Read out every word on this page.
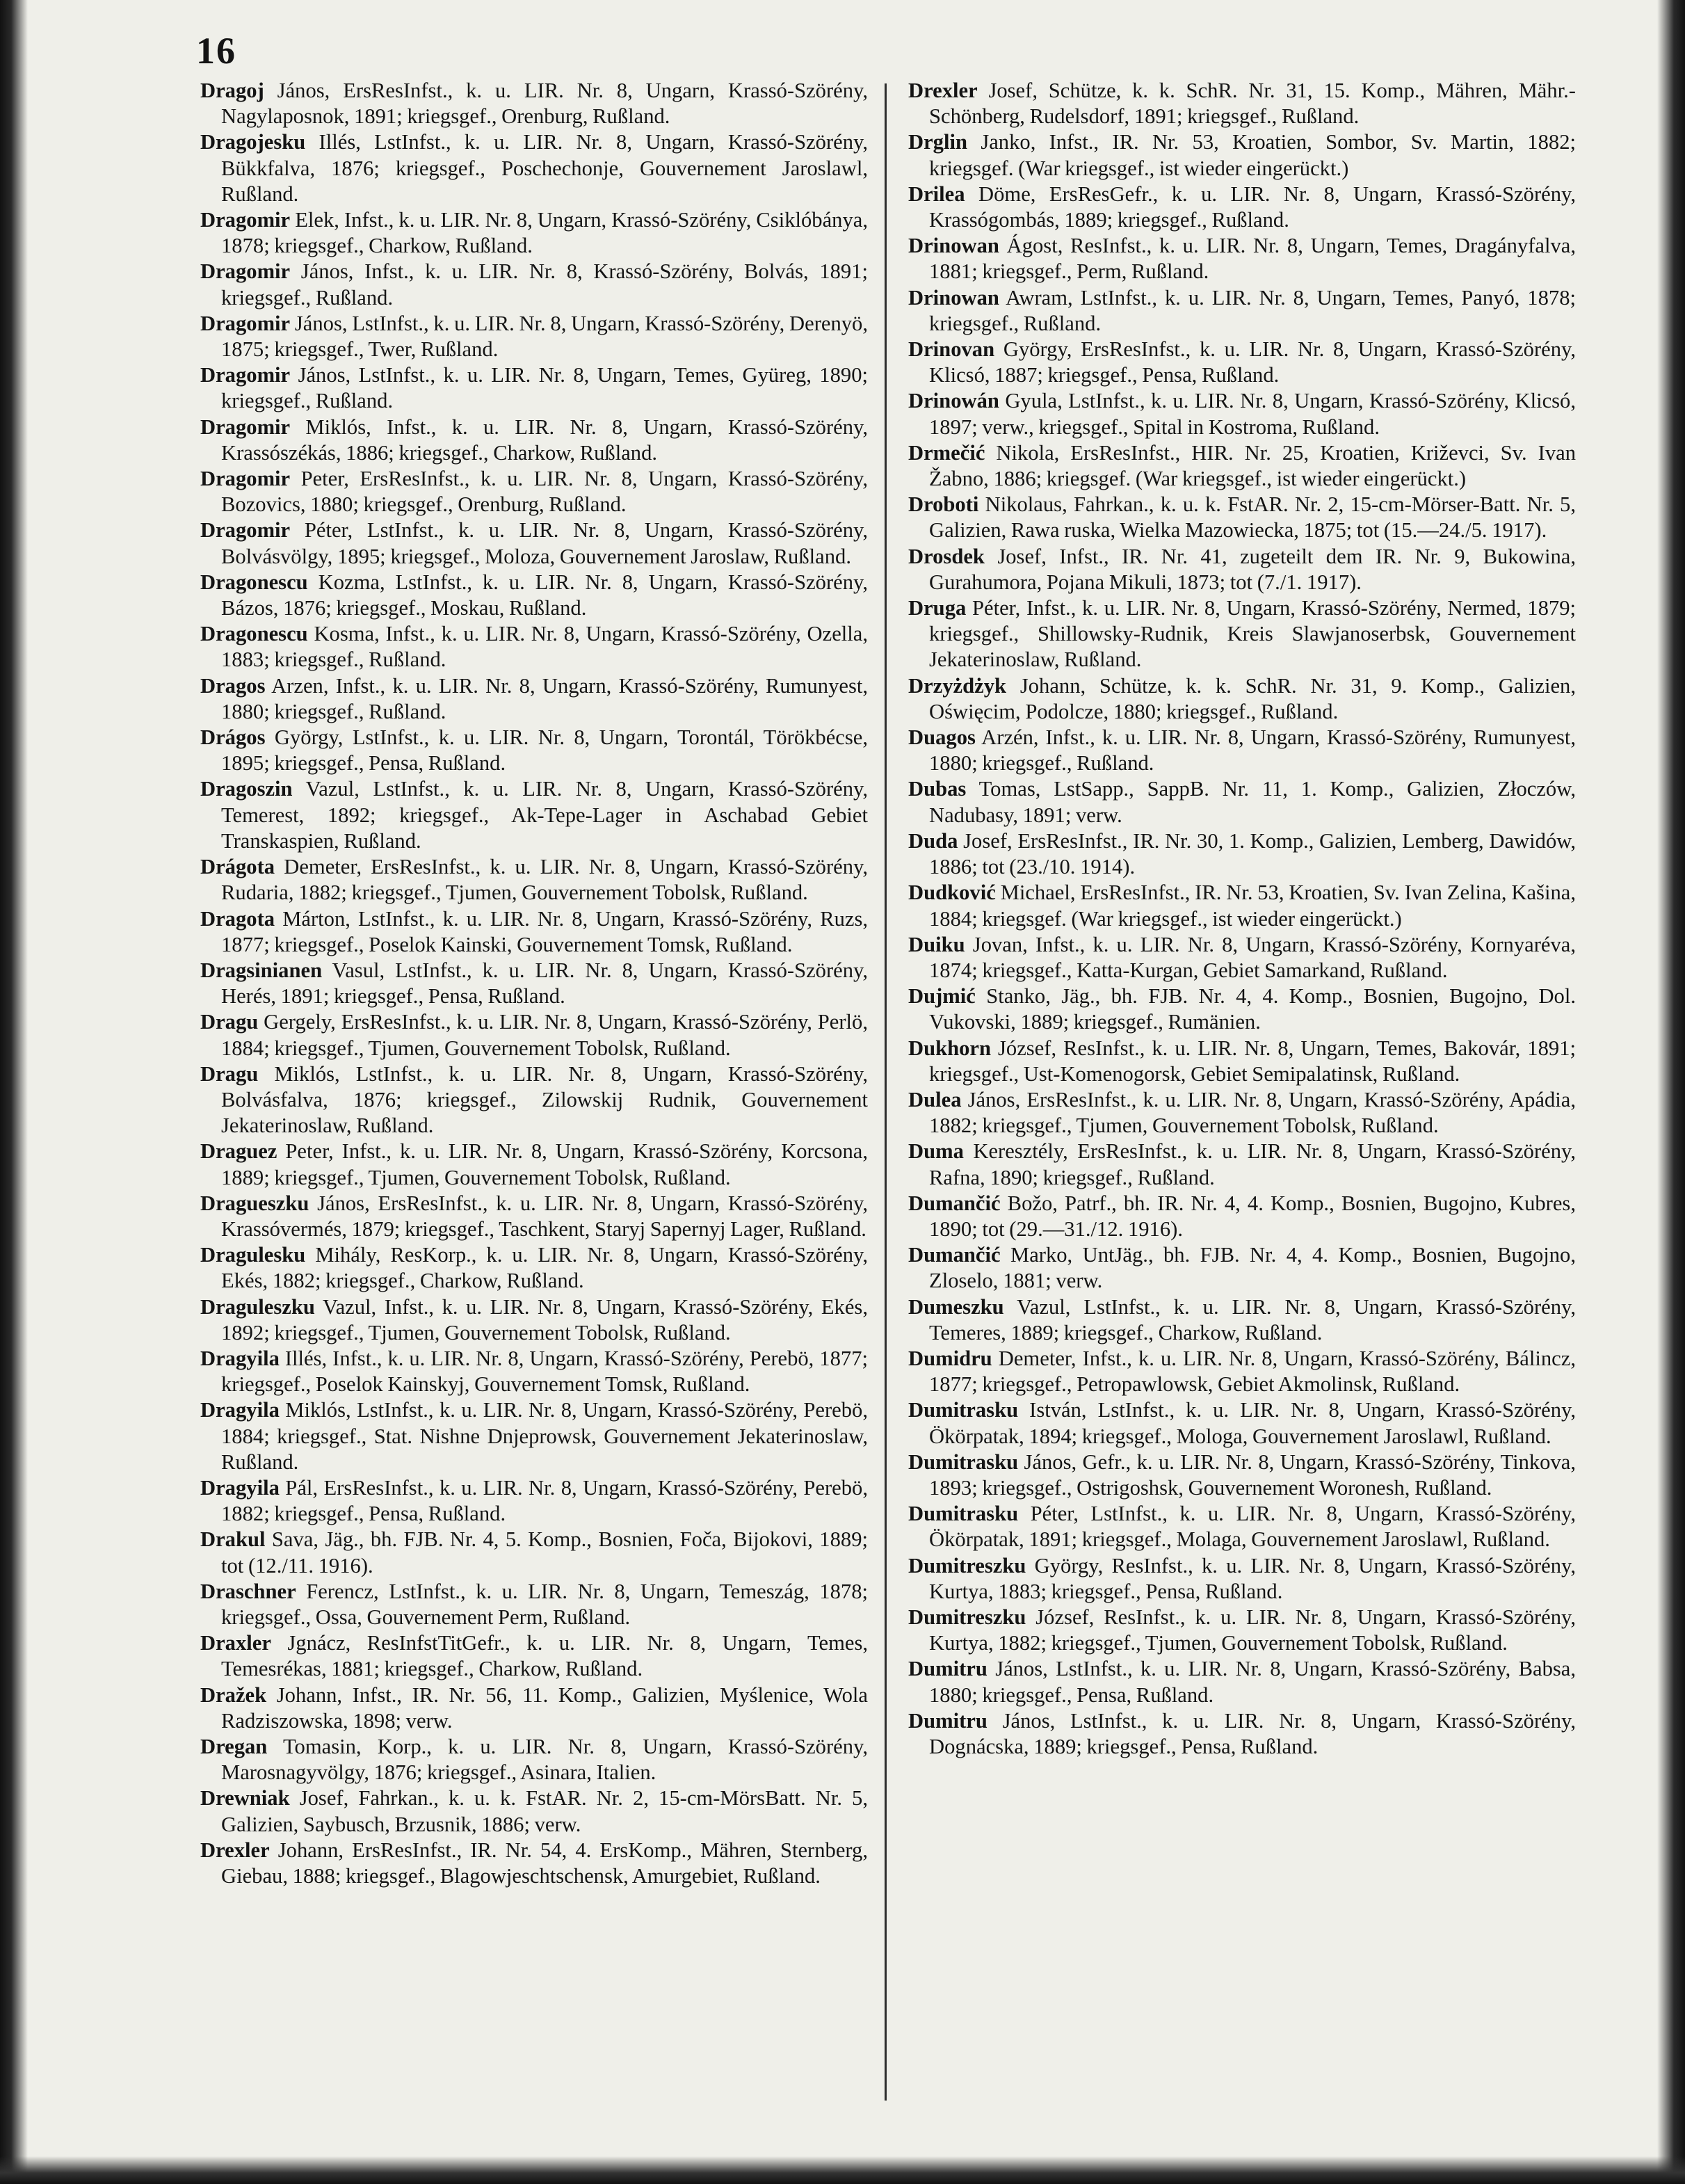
16

Dragoj János, ErsResInfst., k. u. LIR. Nr. 8, Ungarn, Krassó-Szörény, Nagylaposnok, 1891; kriegsgef., Orenburg, Rußland.

Dragojesku Illés, LstInfst., k. u. LIR. Nr. 8, Ungarn, Krassó-Szörény, Bükkfalva, 1876; kriegsgef., Poschechonje, Gouvernement Jaroslawl, Rußland.

Dragomir Elek, Infst., k. u. LIR. Nr. 8, Ungarn, Krassó-Szörény, Csiklóbánya, 1878; kriegsgef., Charkow, Rußland.

Dragomir János, Infst., k. u. LIR. Nr. 8, Krassó-Szörény, Bolvás, 1891; kriegsgef., Rußland.

Dragomir János, LstInfst., k. u. LIR. Nr. 8, Ungarn, Krassó-Szörény, Derenyö, 1875; kriegsgef., Twer, Rußland.

Dragomir János, LstInfst., k. u. LIR. Nr. 8, Ungarn, Temes, Gyüreg, 1890; kriegsgef., Rußland.

Dragomir Miklós, Infst., k. u. LIR. Nr. 8, Ungarn, Krassó-Szörény, Krassószékás, 1886; kriegsgef., Charkow, Rußland.

Dragomir Peter, ErsResInfst., k. u. LIR. Nr. 8, Ungarn, Krassó-Szörény, Bozovics, 1880; kriegsgef., Orenburg, Rußland.

Dragomir Péter, LstInfst., k. u. LIR. Nr. 8, Ungarn, Krassó-Szörény, Bolvásvölgy, 1895; kriegsgef., Moloza, Gouvernement Jaroslaw, Rußland.

Dragonescu Kozma, LstInfst., k. u. LIR. Nr. 8, Ungarn, Krassó-Szörény, Bázos, 1876; kriegsgef., Moskau, Rußland.

Dragonescu Kosma, Infst., k. u. LIR. Nr. 8, Ungarn, Krassó-Szörény, Ozella, 1883; kriegsgef., Rußland.

Dragos Arzen, Infst., k. u. LIR. Nr. 8, Ungarn, Krassó-Szörény, Rumunyest, 1880; kriegsgef., Rußland.

Drágos György, LstInfst., k. u. LIR. Nr. 8, Ungarn, Torontál, Törökbécse, 1895; kriegsgef., Pensa, Rußland.

Dragoszin Vazul, LstInfst., k. u. LIR. Nr. 8, Ungarn, Krassó-Szörény, Temerest, 1892; kriegsgef., Ak-Tepe-Lager in Aschabad Gebiet Transkaspien, Rußland.

Drágota Demeter, ErsResInfst., k. u. LIR. Nr. 8, Ungarn, Krassó-Szörény, Rudaria, 1882; kriegsgef., Tjumen, Gouvernement Tobolsk, Rußland.

Dragota Márton, LstInfst., k. u. LIR. Nr. 8, Ungarn, Krassó-Szörény, Ruzs, 1877; kriegsgef., Poselok Kainski, Gouvernement Tomsk, Rußland.

Dragsinianen Vasul, LstInfst., k. u. LIR. Nr. 8, Ungarn, Krassó-Szörény, Herés, 1891; kriegsgef., Pensa, Rußland.

Dragu Gergely, ErsResInfst., k. u. LIR. Nr. 8, Ungarn, Krassó-Szörény, Perlö, 1884; kriegsgef., Tjumen, Gouvernement Tobolsk, Rußland.

Dragu Miklós, LstInfst., k. u. LIR. Nr. 8, Ungarn, Krassó-Szörény, Bolvásfalva, 1876; kriegsgef., Zilowskij Rudnik, Gouvernement Jekaterinoslaw, Rußland.

Draguez Peter, Infst., k. u. LIR. Nr. 8, Ungarn, Krassó-Szörény, Korcsona, 1889; kriegsgef., Tjumen, Gouvernement Tobolsk, Rußland.

Dragueszku János, ErsResInfst., k. u. LIR. Nr. 8, Ungarn, Krassó-Szörény, Krassóvermés, 1879; kriegsgef., Taschkent, Staryj Sapernyj Lager, Rußland.

Dragulesku Mihály, ResKorp., k. u. LIR. Nr. 8, Ungarn, Krassó-Szörény, Ekés, 1882; kriegsgef., Charkow, Rußland.

Draguleszku Vazul, Infst., k. u. LIR. Nr. 8, Ungarn, Krassó-Szörény, Ekés, 1892; kriegsgef., Tjumen, Gouvernement Tobolsk, Rußland.

Dragyila Illés, Infst., k. u. LIR. Nr. 8, Ungarn, Krassó-Szörény, Perebö, 1877; kriegsgef., Poselok Kainskyj, Gouvernement Tomsk, Rußland.

Dragyila Miklós, LstInfst., k. u. LIR. Nr. 8, Ungarn, Krassó-Szörény, Perebö, 1884; kriegsgef., Stat. Nishne Dnjeprowsk, Gouvernement Jekaterinoslaw, Rußland.

Dragyila Pál, ErsResInfst., k. u. LIR. Nr. 8, Ungarn, Krassó-Szörény, Perebö, 1882; kriegsgef., Pensa, Rußland.

Drakul Sava, Jäg., bh. FJB. Nr. 4, 5. Komp., Bosnien, Foča, Bijokovi, 1889; tot (12./11. 1916).

Draschner Ferencz, LstInfst., k. u. LIR. Nr. 8, Ungarn, Temeszág, 1878; kriegsgef., Ossa, Gouvernement Perm, Rußland.

Draxler Jgnácz, ResInfstTitGefr., k. u. LIR. Nr. 8, Ungarn, Temes, Temesrékas, 1881; kriegsgef., Charkow, Rußland.

Dražek Johann, Infst., IR. Nr. 56, 11. Komp., Galizien, Myślenice, Wola Radziszowska, 1898; verw.

Dregan Tomasin, Korp., k. u. LIR. Nr. 8, Ungarn, Krassó-Szörény, Marosnagyvölgy, 1876; kriegsgef., Asinara, Italien.

Drewniak Josef, Fahrkan., k. u. k. FstAR. Nr. 2, 15-cm-MörsBatt. Nr. 5, Galizien, Saybusch, Brzusnik, 1886; verw.

Drexler Johann, ErsResInfst., IR. Nr. 54, 4. ErsKomp., Mähren, Sternberg, Giebau, 1888; kriegsgef., Blagowjeschtschensk, Amurgebiet, Rußland.

Drexler Josef, Schütze, k. k. SchR. Nr. 31, 15. Komp., Mähren, Mähr.-Schönberg, Rudelsdorf, 1891; kriegsgef., Rußland.

Drglin Janko, Infst., IR. Nr. 53, Kroatien, Sombor, Sv. Martin, 1882; kriegsgef. (War kriegsgef., ist wieder eingerückt.)

Drilea Döme, ErsResGefr., k. u. LIR. Nr. 8, Ungarn, Krassó-Szörény, Krassógombás, 1889; kriegsgef., Rußland.

Drinowan Ágost, ResInfst., k. u. LIR. Nr. 8, Ungarn, Temes, Dragányfalva, 1881; kriegsgef., Perm, Rußland.

Drinowan Awram, LstInfst., k. u. LIR. Nr. 8, Ungarn, Temes, Panyó, 1878; kriegsgef., Rußland.

Drinovan György, ErsResInfst., k. u. LIR. Nr. 8, Ungarn, Krassó-Szörény, Klicsó, 1887; kriegsgef., Pensa, Rußland.

Drinowán Gyula, LstInfst., k. u. LIR. Nr. 8, Ungarn, Krassó-Szörény, Klicsó, 1897; verw., kriegsgef., Spital in Kostroma, Rußland.

Drmečić Nikola, ErsResInfst., HIR. Nr. 25, Kroatien, Križevci, Sv. Ivan Žabno, 1886; kriegsgef. (War kriegsgef., ist wieder eingerückt.)

Droboti Nikolaus, Fahrkan., k. u. k. FstAR. Nr. 2, 15-cm-Mörser-Batt. Nr. 5, Galizien, Rawa ruska, Wielka Mazowiecka, 1875; tot (15.—24./5. 1917).

Drosdek Josef, Infst., IR. Nr. 41, zugeteilt dem IR. Nr. 9, Bukowina, Gurahumora, Pojana Mikuli, 1873; tot (7./1. 1917).

Druga Péter, Infst., k. u. LIR. Nr. 8, Ungarn, Krassó-Szörény, Nermed, 1879; kriegsgef., Shillowsky-Rudnik, Kreis Slawjanoserbsk, Gouvernement Jekaterinoslaw, Rußland.

Drzyżdżyk Johann, Schütze, k. k. SchR. Nr. 31, 9. Komp., Galizien, Oświęcim, Podolcze, 1880; kriegsgef., Rußland.

Duagos Arzén, Infst., k. u. LIR. Nr. 8, Ungarn, Krassó-Szörény, Rumunyest, 1880; kriegsgef., Rußland.

Dubas Tomas, LstSapp., SappB. Nr. 11, 1. Komp., Galizien, Złoczów, Nadubasy, 1891; verw.

Duda Josef, ErsResInfst., IR. Nr. 30, 1. Komp., Galizien, Lemberg, Dawidów, 1886; tot (23./10. 1914).

Dudković Michael, ErsResInfst., IR. Nr. 53, Kroatien, Sv. Ivan Zelina, Kašina, 1884; kriegsgef. (War kriegsgef., ist wieder eingerückt.)

Duiku Jovan, Infst., k. u. LIR. Nr. 8, Ungarn, Krassó-Szörény, Kornyaréva, 1874; kriegsgef., Katta-Kurgan, Gebiet Samarkand, Rußland.

Dujmić Stanko, Jäg., bh. FJB. Nr. 4, 4. Komp., Bosnien, Bugojno, Dol. Vukovski, 1889; kriegsgef., Rumänien.

Dukhorn József, ResInfst., k. u. LIR. Nr. 8, Ungarn, Temes, Bakovár, 1891; kriegsgef., Ust-Komenogorsk, Gebiet Semipalatinsk, Rußland.

Dulea János, ErsResInfst., k. u. LIR. Nr. 8, Ungarn, Krassó-Szörény, Apádia, 1882; kriegsgef., Tjumen, Gouvernement Tobolsk, Rußland.

Duma Keresztély, ErsResInfst., k. u. LIR. Nr. 8, Ungarn, Krassó-Szörény, Rafna, 1890; kriegsgef., Rußland.

Dumančić Božo, Patrf., bh. IR. Nr. 4, 4. Komp., Bosnien, Bugojno, Kubres, 1890; tot (29.—31./12. 1916).

Dumančić Marko, UntJäg., bh. FJB. Nr. 4, 4. Komp., Bosnien, Bugojno, Zloselo, 1881; verw.

Dumeszku Vazul, LstInfst., k. u. LIR. Nr. 8, Ungarn, Krassó-Szörény, Temeres, 1889; kriegsgef., Charkow, Rußland.

Dumidru Demeter, Infst., k. u. LIR. Nr. 8, Ungarn, Krassó-Szörény, Bálincz, 1877; kriegsgef., Petropawlowsk, Gebiet Akmolinsk, Rußland.

Dumitrasku István, LstInfst., k. u. LIR. Nr. 8, Ungarn, Krassó-Szörény, Ökörpatak, 1894; kriegsgef., Mologa, Gouvernement Jaroslawl, Rußland.

Dumitrasku János, Gefr., k. u. LIR. Nr. 8, Ungarn, Krassó-Szörény, Tinkova, 1893; kriegsgef., Ostrigoshsk, Gouvernement Woronesh, Rußland.

Dumitrasku Péter, LstInfst., k. u. LIR. Nr. 8, Ungarn, Krassó-Szörény, Ökörpatak, 1891; kriegsgef., Molaga, Gouvernement Jaroslawl, Rußland.

Dumitreszku György, ResInfst., k. u. LIR. Nr. 8, Ungarn, Krassó-Szörény, Kurtya, 1883; kriegsgef., Pensa, Rußland.

Dumitreszku József, ResInfst., k. u. LIR. Nr. 8, Ungarn, Krassó-Szörény, Kurtya, 1882; kriegsgef., Tjumen, Gouvernement Tobolsk, Rußland.

Dumitru János, LstInfst., k. u. LIR. Nr. 8, Ungarn, Krassó-Szörény, Babsa, 1880; kriegsgef., Pensa, Rußland.

Dumitru János, LstInfst., k. u. LIR. Nr. 8, Ungarn, Krassó-Szörény, Dognácska, 1889; kriegsgef., Pensa, Rußland.
